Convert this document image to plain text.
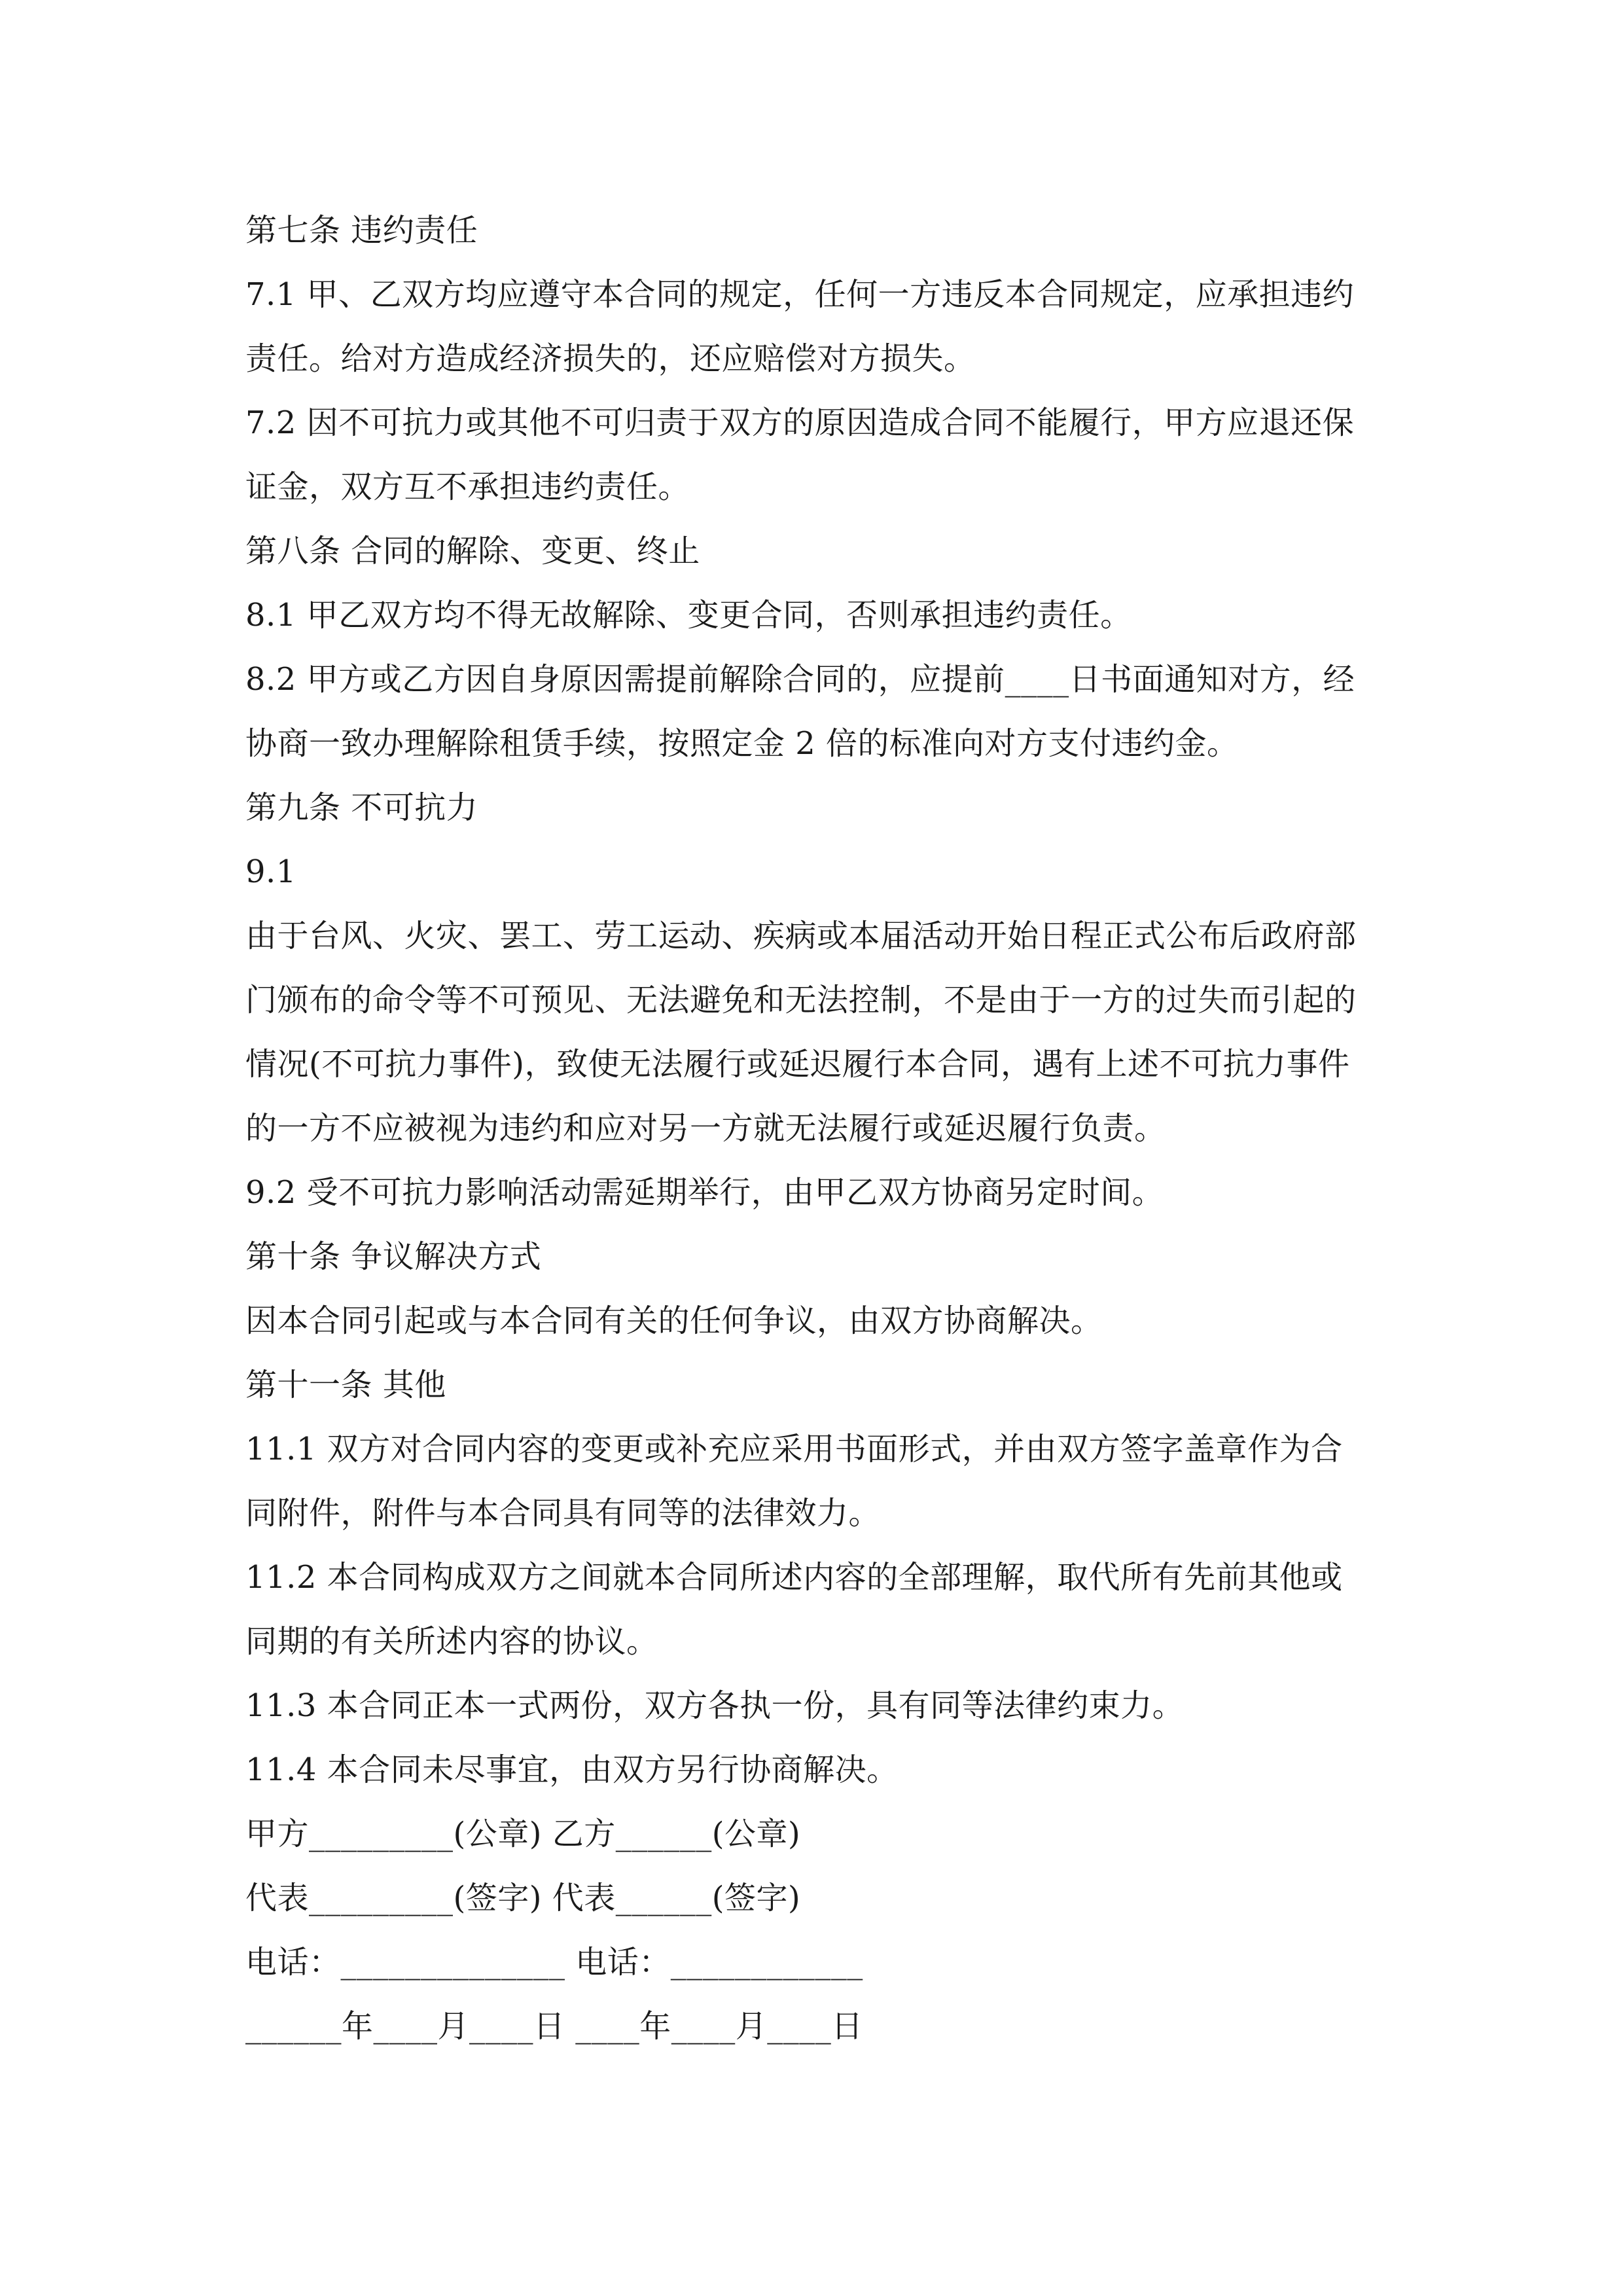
第七条 违约责任
7.1 甲、乙双方均应遵守本合同的规定，任何一方违反本合同规定，应承担违约
责任。给对方造成经济损失的，还应赔偿对方损失。
7.2 因不可抗力或其他不可归责于双方的原因造成合同不能履行，甲方应退还保
证金，双方互不承担违约责任。
第八条 合同的解除、变更、终止
8.1 甲乙双方均不得无故解除、变更合同，否则承担违约责任。
8.2 甲方或乙方因自身原因需提前解除合同的，应提前____日书面通知对方，经
协商一致办理解除租赁手续，按照定金 2 倍的标准向对方支付违约金。
第九条 不可抗力
9.1
由于台风、火灾、罢工、劳工运动、疾病或本届活动开始日程正式公布后政府部
门颁布的命令等不可预见、无法避免和无法控制，不是由于一方的过失而引起的
情况(不可抗力事件)，致使无法履行或延迟履行本合同，遇有上述不可抗力事件
的一方不应被视为违约和应对另一方就无法履行或延迟履行负责。
9.2 受不可抗力影响活动需延期举行，由甲乙双方协商另定时间。
第十条 争议解决方式
因本合同引起或与本合同有关的任何争议，由双方协商解决。
第十一条 其他
11.1 双方对合同内容的变更或补充应采用书面形式，并由双方签字盖章作为合
同附件，附件与本合同具有同等的法律效力。
11.2 本合同构成双方之间就本合同所述内容的全部理解，取代所有先前其他或
同期的有关所述内容的协议。
11.3 本合同正本一式两份，双方各执一份，具有同等法律约束力。
11.4 本合同未尽事宜，由双方另行协商解决。
甲方_________(公章) 乙方______(公章)
代表_________(签字) 代表______(签字)
电话：______________ 电话：____________
______年____月____日 ____年____月____日
